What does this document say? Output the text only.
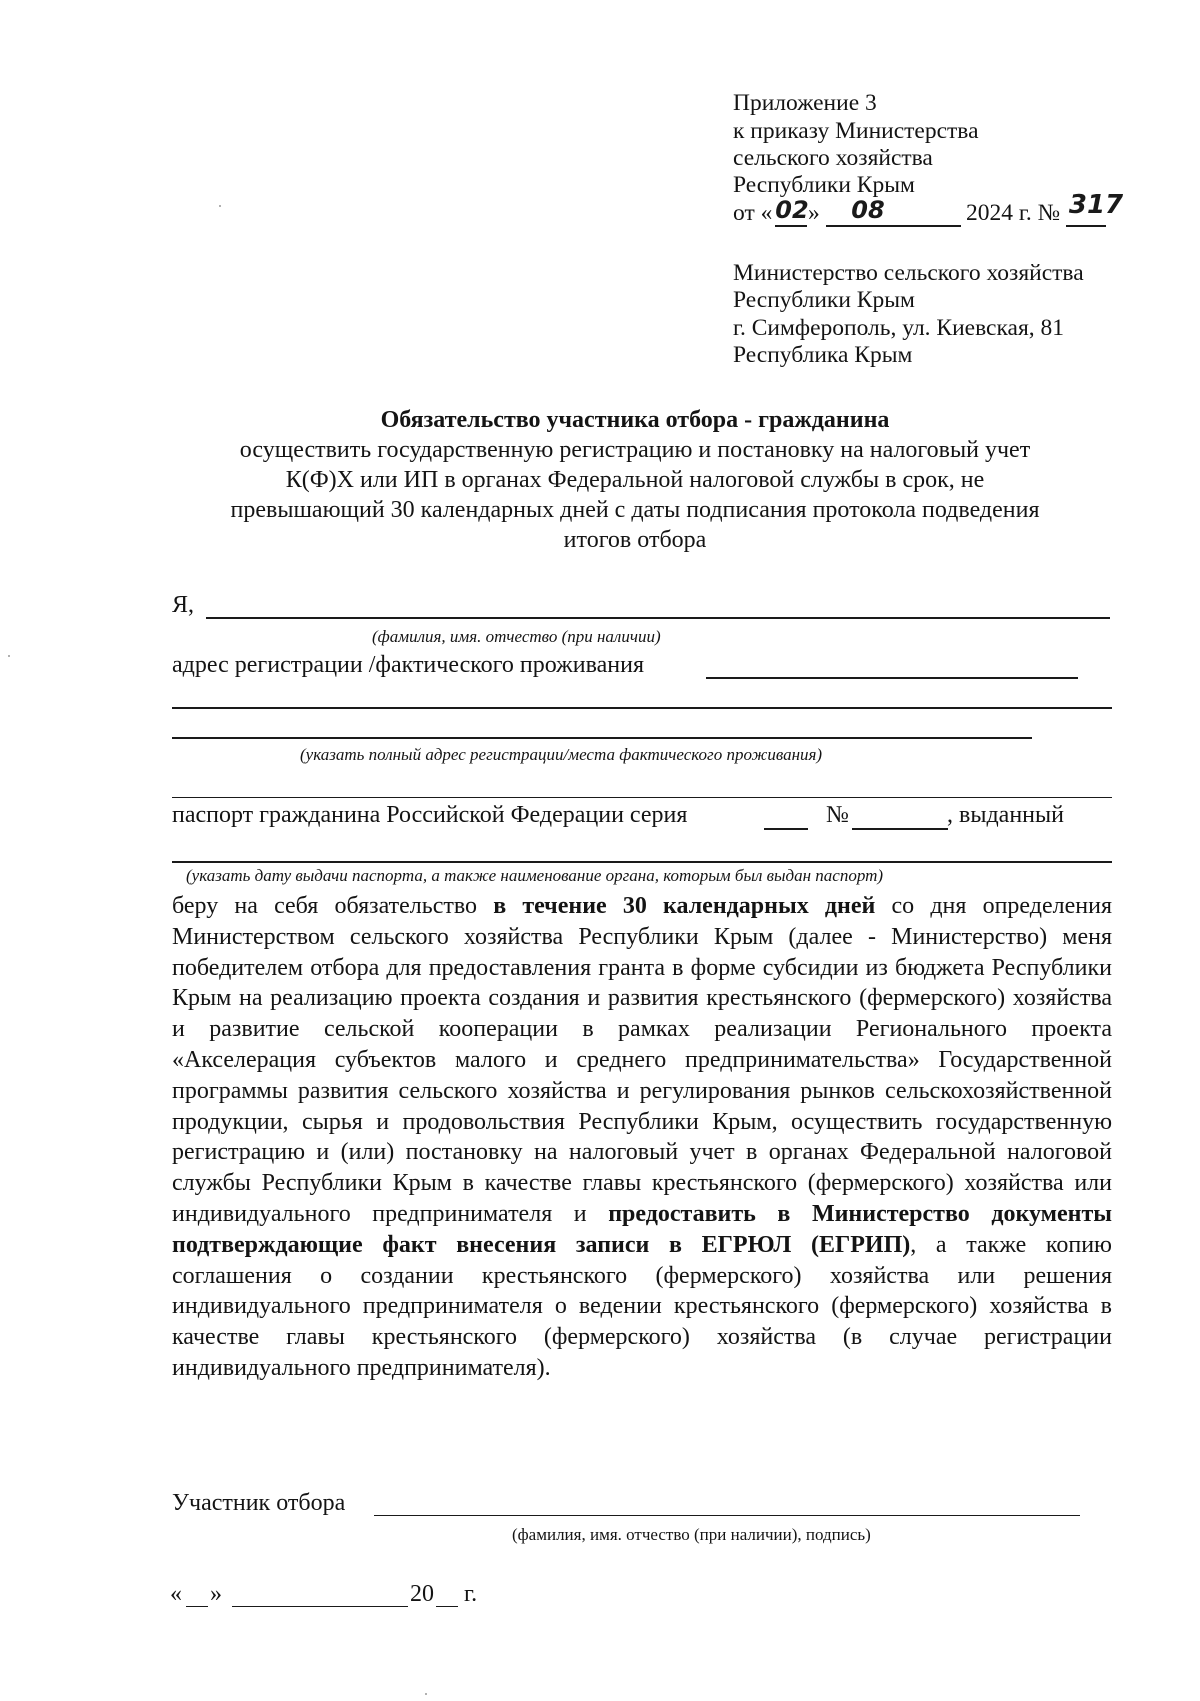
Приложение 3
к приказу Министерства
сельского хозяйства
Республики Крым
от « 02 » 08	2024 г. № 317
Министерство сельского хозяйства
Республики Крым
г. Симферополь, ул. Киевская, 81
Республика Крым
Обязательство участника отбора - гражданина
осуществить государственную регистрацию и постановку на налоговый учет
К(Ф)Х или ИП в органах Федеральной налоговой службы в срок, не
превышающий 30 календарных дней с даты подписания протокола подведения
итогов отбора
Я,
(фамилия, имя. отчество (при наличии)
адрес регистрации /фактического проживания
(указать полный адрес регистрации/места фактического проживания)
паспорт гражданина Российской Федерации серия	№	, выданный
(указать дату выдачи паспорта, а также наименование органа, которым был выдан паспорт)
беру на себя обязательство в течение 30 календарных дней со дня определения Министерством сельского хозяйства Республики Крым (далее - Министерство) меня победителем отбора для предоставления гранта в форме субсидии из бюджета Республики Крым на реализацию проекта создания и развития крестьянского (фермерского) хозяйства и развитие сельской кооперации в рамках реализации Регионального проекта «Акселерация субъектов малого и среднего предпринимательства» Государственной программы развития сельского хозяйства и регулирования рынков сельскохозяйственной продукции, сырья и продовольствия Республики Крым, осуществить государственную регистрацию и (или) постановку на налоговый учет в органах Федеральной налоговой службы Республики Крым в качестве главы крестьянского (фермерского) хозяйства или индивидуального предпринимателя и предоставить в Министерство документы подтверждающие факт внесения записи в ЕГРЮЛ (ЕГРИП), а также копию соглашения о создании крестьянского (фермерского) хозяйства или решения индивидуального предпринимателя о ведении крестьянского (фермерского) хозяйства в качестве главы крестьянского (фермерского) хозяйства (в случае регистрации индивидуального предпринимателя).
Участник отбора
(фамилия, имя. отчество (при наличии), подпись)
« »	20 г.
